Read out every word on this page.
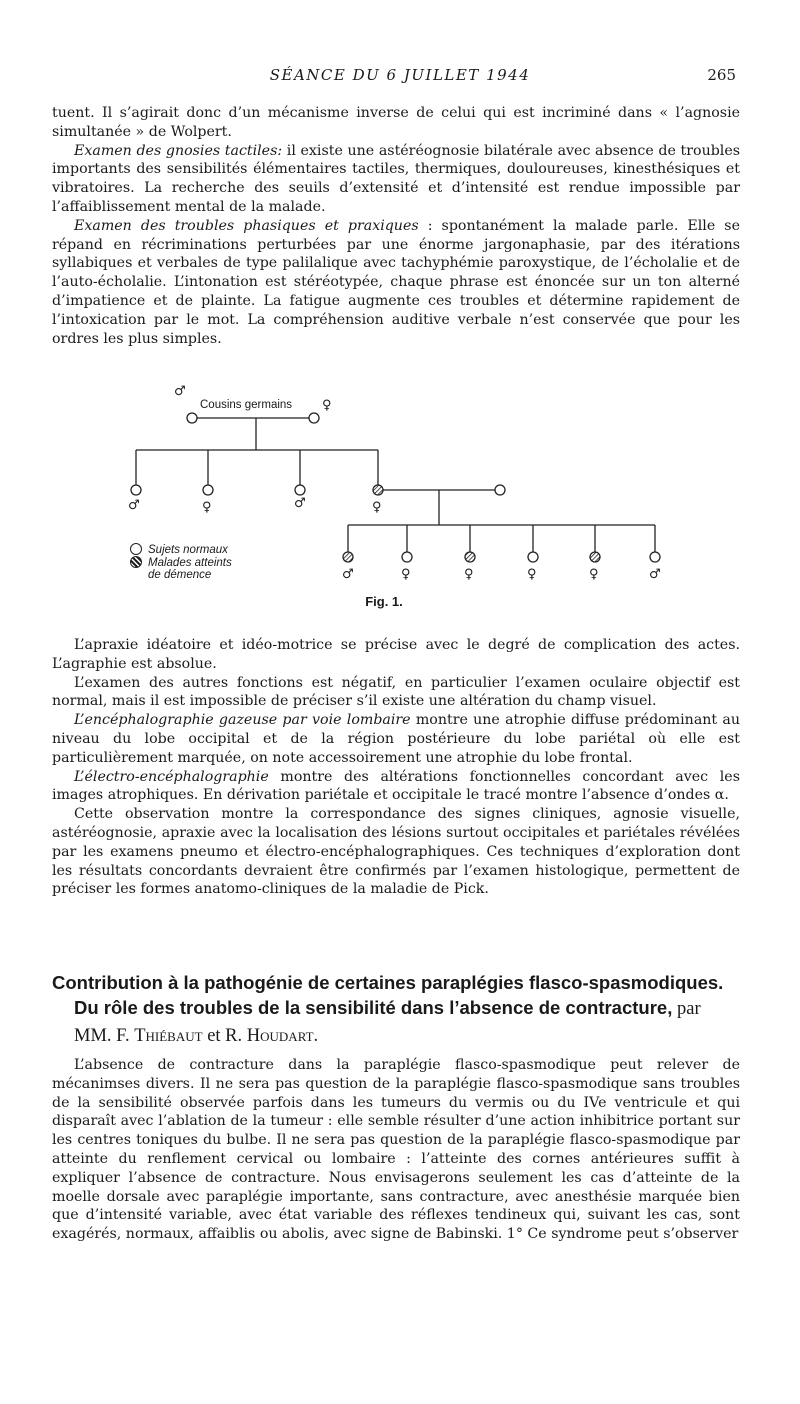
SÉANCE DU 6 JUILLET 1944	265

tuent. Il s’agirait donc d’un mécanisme inverse de celui qui est incriminé dans « l’agnosie simultanée » de Wolpert.

Examen des gnosies tactiles: il existe une astéréognosie bilatérale avec absence de troubles importants des sensibilités élémentaires tactiles, thermiques, douloureuses, kinesthésiques et vibratoires. La recherche des seuils d’extensité et d’intensité est rendue impossible par l’affaiblissement mental de la malade.

Examen des troubles phasiques et praxiques : spontanément la malade parle. Elle se répand en récriminations perturbées par une énorme jargonaphasie, par des itérations syllabiques et verbales de type palilalique avec tachyphémie paroxystique, de l’écholalie et de l’auto-écholalie. L’intonation est stéréotypée, chaque phrase est énoncée sur un ton alterné d’impatience et de plainte. La fatigue augmente ces troubles et détermine rapidement de l’intoxication par le mot. La compréhension auditive verbale n’est conservée que pour les ordres les plus simples.

Cousins germains
♂
♀
♂	♀	♂	♀
♂	♀	♀	♀	♀	♂
Sujets normaux
Malades atteints
de démence
Fig. 1.

L’apraxie idéatoire et idéo-motrice se précise avec le degré de complication des actes. L’agraphie est absolue.

L’examen des autres fonctions est négatif, en particulier l’examen oculaire objectif est normal, mais il est impossible de préciser s’il existe une altération du champ visuel.

L’encéphalographie gazeuse par voie lombaire montre une atrophie diffuse prédominant au niveau du lobe occipital et de la région postérieure du lobe pariétal où elle est particulièrement marquée, on note accessoirement une atrophie du lobe frontal.

L’électro-encéphalographie montre des altérations fonctionnelles concordant avec les images atrophiques. En dérivation pariétale et occipitale le tracé montre l’absence d’ondes α.

Cette observation montre la correspondance des signes cliniques, agnosie visuelle, astéréognosie, apraxie avec la localisation des lésions surtout occipitales et pariétales révélées par les examens pneumo et électro-encéphalographiques. Ces techniques d’exploration dont les résultats concordants devraient être confirmés par l’examen histologique, permettent de préciser les formes anatomo-cliniques de la maladie de Pick.

Contribution à la pathogénie de certaines paraplégies flasco-spasmodiques. Du rôle des troubles de la sensibilité dans l’absence de contracture, par MM. F. Thiébaut et R. Houdart.

L’absence de contracture dans la paraplégie flasco-spasmodique peut relever de mécanimses divers. Il ne sera pas question de la paraplégie flasco-spasmodique sans troubles de la sensibilité observée parfois dans les tumeurs du vermis ou du IVe ventricule et qui disparaît avec l’ablation de la tumeur : elle semble résulter d’une action inhibitrice portant sur les centres toniques du bulbe. Il ne sera pas question de la paraplégie flasco-spasmodique par atteinte du renflement cervical ou lombaire : l’atteinte des cornes antérieures suffit à expliquer l’absence de contracture. Nous envisagerons seulement les cas d’atteinte de la moelle dorsale avec paraplégie importante, sans contracture, avec anesthésie marquée bien que d’intensité variable, avec état variable des réflexes tendineux qui, suivant les cas, sont exagérés, normaux, affaiblis ou abolis, avec signe de Babinski. 1° Ce syndrome peut s’observer
